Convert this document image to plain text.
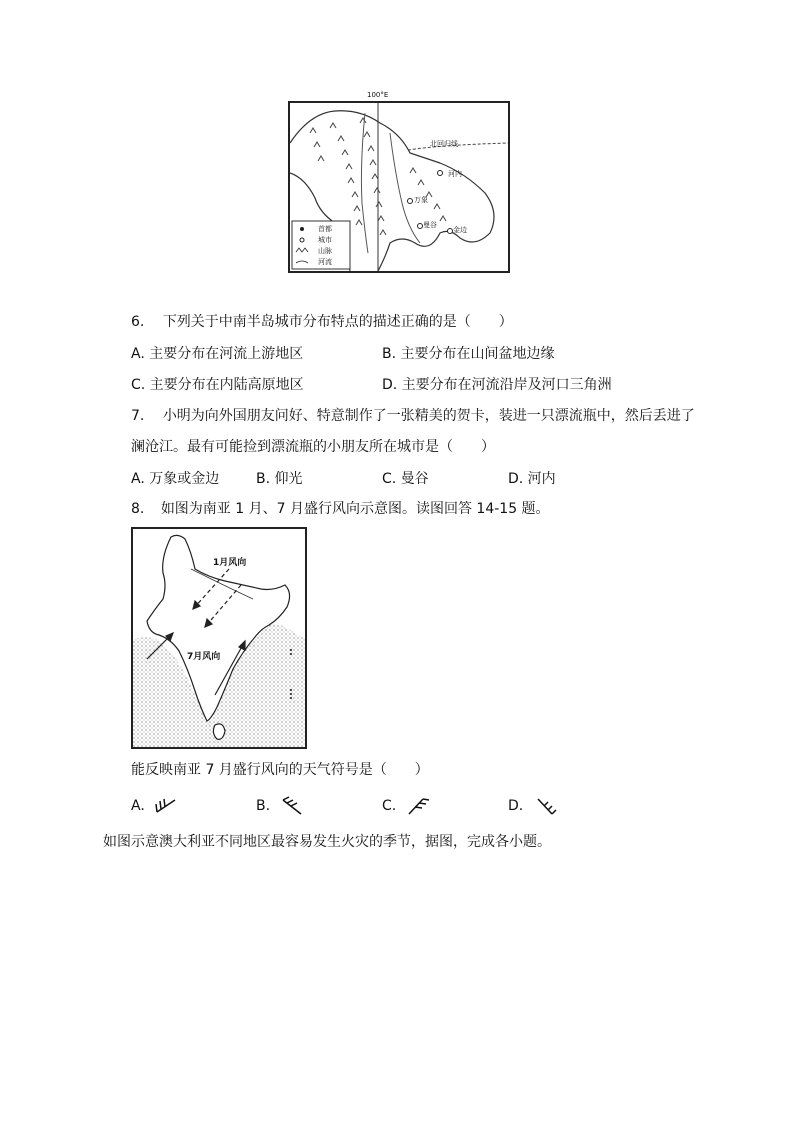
100°E
北回归线
河内
万象
曼谷
金边
首都
城市
山脉
河流
6. 下列关于中南半岛城市分布特点的描述正确的是（　　）
A. 主要分布在河流上游地区	B. 主要分布在山间盆地边缘
C. 主要分布在内陆高原地区	D. 主要分布在河流沿岸及河口三角洲
7. 小明为向外国朋友问好、特意制作了一张精美的贺卡，装进一只漂流瓶中，然后丢进了
澜沧江。最有可能捡到漂流瓶的小朋友所在城市是（　　）
A. 万象或金边	B. 仰光	C. 曼谷	D. 河内
8. 如图为南亚 1 月、7 月盛行风向示意图。读图回答 14-15 题。
1月风向
7月风向
能反映南亚 7 月盛行风向的天气符号是（　　）
A.	B.	C.	D.
如图示意澳大利亚不同地区最容易发生火灾的季节，据图，完成各小题。
